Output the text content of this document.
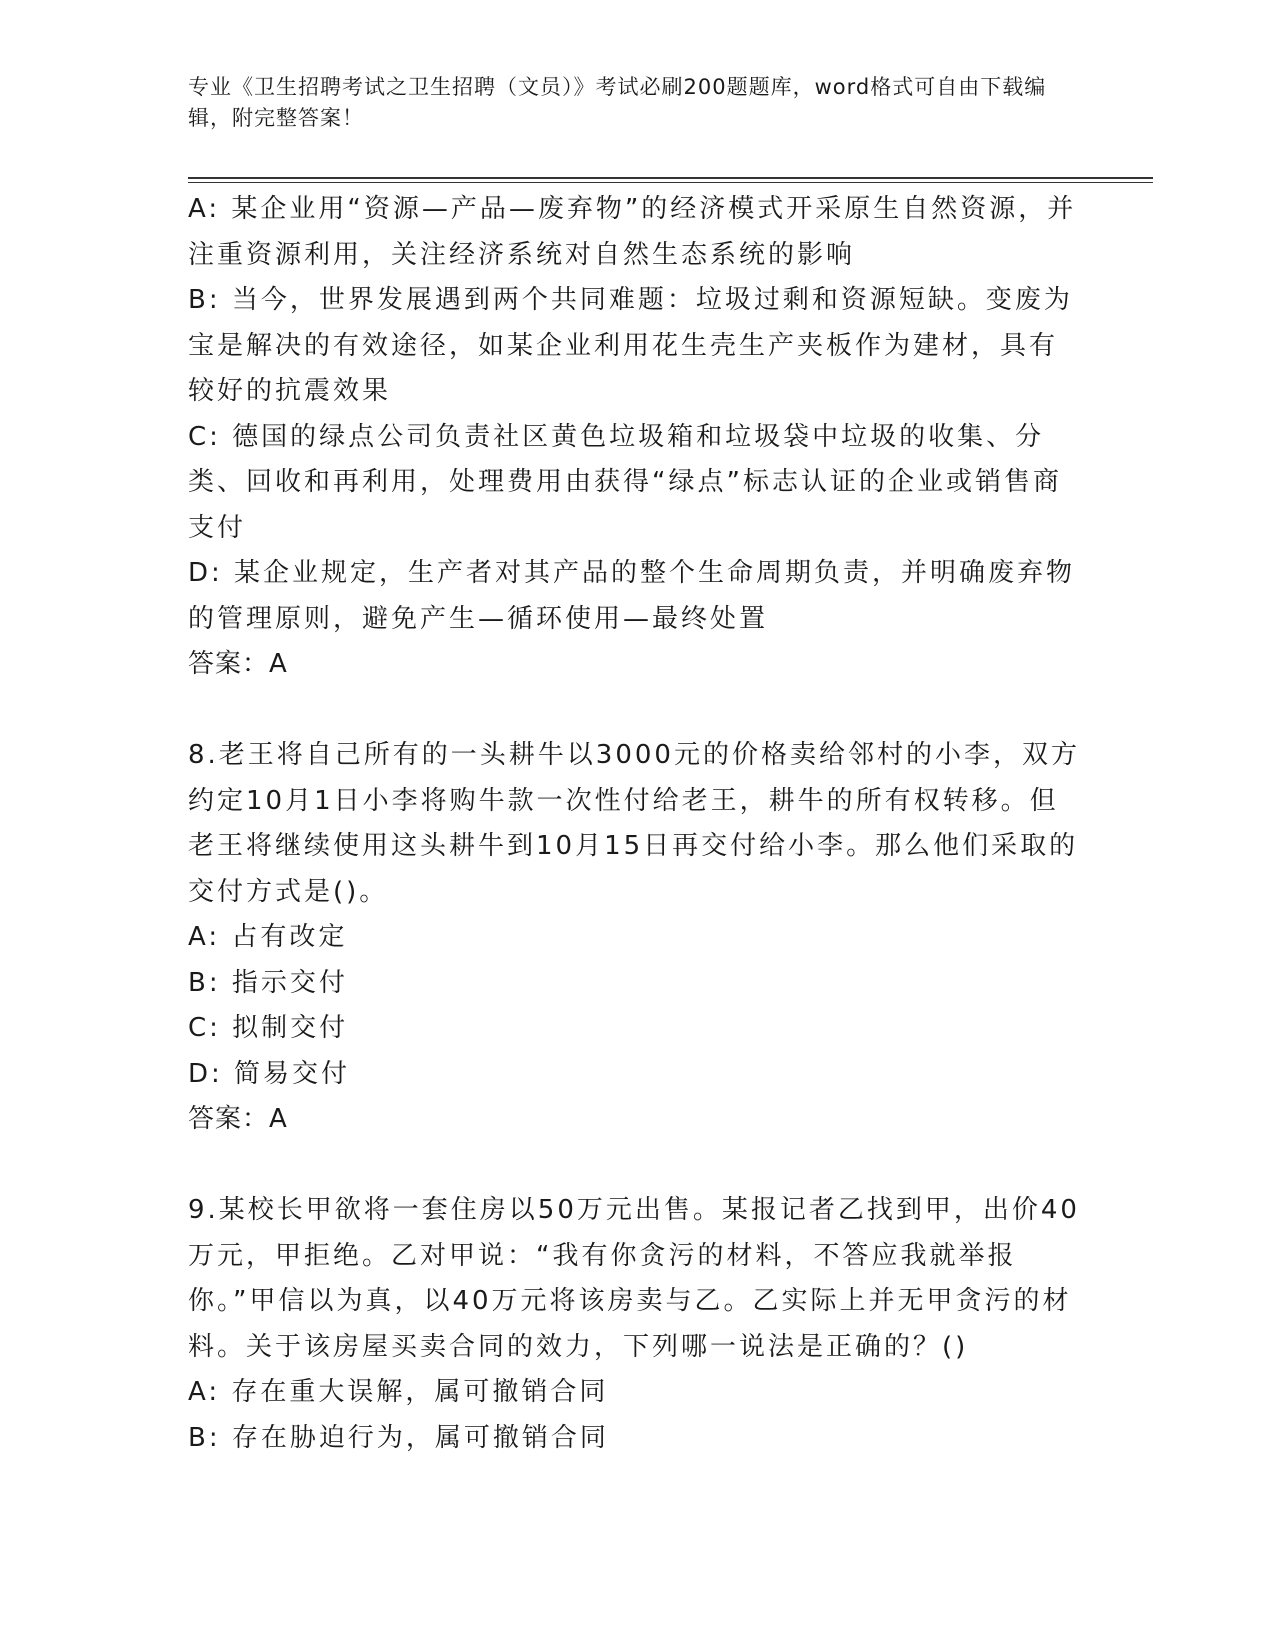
专业《卫生招聘考试之卫生招聘（文员）》考试必刷200题题库，word格式可自由下载编辑，附完整答案！

A: 某企业用“资源—产品—废弃物”的经济模式开采原生自然资源，并注重资源利用，关注经济系统对自然生态系统的影响

B: 当今，世界发展遇到两个共同难题：垃圾过剩和资源短缺。变废为宝是解决的有效途径，如某企业利用花生壳生产夹板作为建材，具有较好的抗震效果

C: 德国的绿点公司负责社区黄色垃圾箱和垃圾袋中垃圾的收集、分类、回收和再利用，处理费用由获得“绿点”标志认证的企业或销售商支付

D: 某企业规定，生产者对其产品的整个生命周期负责，并明确废弃物的管理原则，避免产生—循环使用—最终处置

答案：A

8.老王将自己所有的一头耕牛以3000元的价格卖给邻村的小李，双方约定10月1日小李将购牛款一次性付给老王，耕牛的所有权转移。但老王将继续使用这头耕牛到10月15日再交付给小李。那么他们采取的交付方式是()。

A: 占有改定

B: 指示交付

C: 拟制交付

D: 简易交付

答案：A

9.某校长甲欲将一套住房以50万元出售。某报记者乙找到甲，出价40万元，甲拒绝。乙对甲说：“我有你贪污的材料，不答应我就举报你。”甲信以为真，以40万元将该房卖与乙。乙实际上并无甲贪污的材料。关于该房屋买卖合同的效力，下列哪一说法是正确的？()

A: 存在重大误解，属可撤销合同

B: 存在胁迫行为，属可撤销合同
